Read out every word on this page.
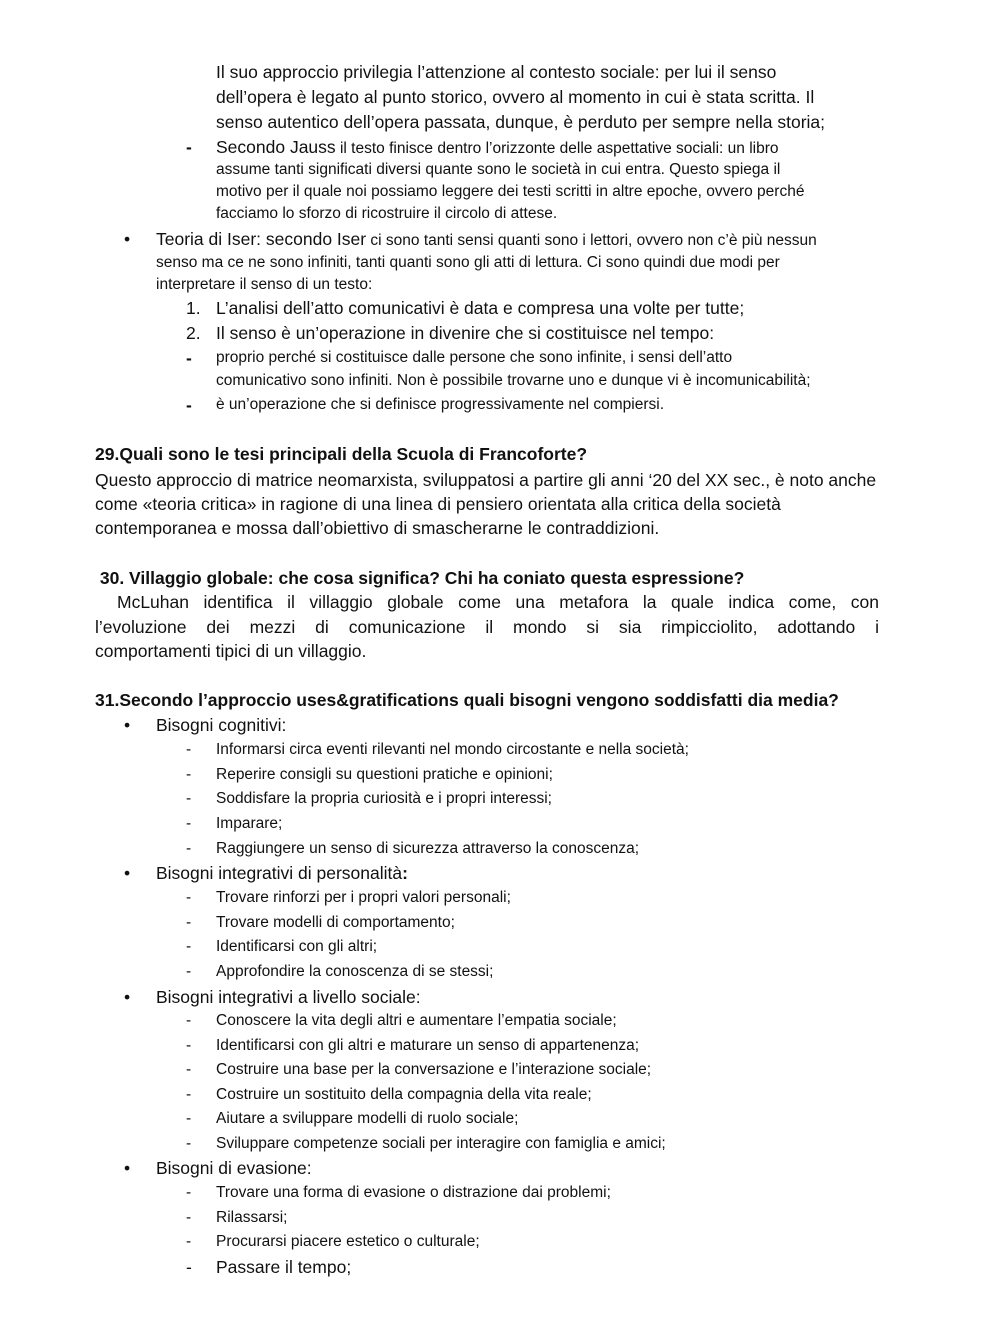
Il suo approccio privilegia l’attenzione al contesto sociale: per lui il senso
dell’opera è legato al punto storico, ovvero al momento in cui è stata scritta. Il
senso autentico dell’opera passata, dunque, è perduto per sempre nella storia;
- Secondo Jauss il testo finisce dentro l’orizzonte delle aspettative sociali: un libro
assume tanti significati diversi quante sono le società in cui entra. Questo spiega il
motivo per il quale noi possiamo leggere dei testi scritti in altre epoche, ovvero perché
facciamo lo sforzo di ricostruire il circolo di attese.
• Teoria di Iser: secondo Iser ci sono tanti sensi quanti sono i lettori, ovvero non c’è più nessun
senso ma ce ne sono infiniti, tanti quanti sono gli atti di lettura. Ci sono quindi due modi per
interpretare il senso di un testo:
1. L’analisi dell’atto comunicativi è data e compresa una volte per tutte;
2. Il senso è un’operazione in divenire che si costituisce nel tempo:
- proprio perché si costituisce dalle persone che sono infinite, i sensi dell’atto
comunicativo sono infiniti. Non è possibile trovarne uno e dunque vi è incomunicabilità;
- è un’operazione che si definisce progressivamente nel compiersi.
29.Quali sono le tesi principali della Scuola di Francoforte?
Questo approccio di matrice neomarxista, sviluppatosi a partire gli anni ‘20 del XX sec., è noto anche come «teoria critica» in ragione di una linea di pensiero orientata alla critica della società contemporanea e mossa dall’obiettivo di smascherarne le contraddizioni.
30. Villaggio globale: che cosa significa? Chi ha coniato questa espressione?
McLuhan identifica il villaggio globale come una metafora la quale indica come, con
l’evoluzione dei mezzi di comunicazione il mondo si sia rimpicciolito, adottando i
comportamenti tipici di un villaggio.
31.Secondo l’approccio uses&gratifications quali bisogni vengono soddisfatti dia media?
• Bisogni cognitivi:
- Informarsi circa eventi rilevanti nel mondo circostante e nella società;
- Reperire consigli su questioni pratiche e opinioni;
- Soddisfare la propria curiosità e i propri interessi;
- Imparare;
- Raggiungere un senso di sicurezza attraverso la conoscenza;
• Bisogni integrativi di personalità:
- Trovare rinforzi per i propri valori personali;
- Trovare modelli di comportamento;
- Identificarsi con gli altri;
- Approfondire la conoscenza di se stessi;
• Bisogni integrativi a livello sociale:
- Conoscere la vita degli altri e aumentare l’empatia sociale;
- Identificarsi con gli altri e maturare un senso di appartenenza;
- Costruire una base per la conversazione e l’interazione sociale;
- Costruire un sostituito della compagnia della vita reale;
- Aiutare a sviluppare modelli di ruolo sociale;
- Sviluppare competenze sociali per interagire con famiglia e amici;
• Bisogni di evasione:
- Trovare una forma di evasione o distrazione dai problemi;
- Rilassarsi;
- Procurarsi piacere estetico o culturale;
- Passare il tempo;
